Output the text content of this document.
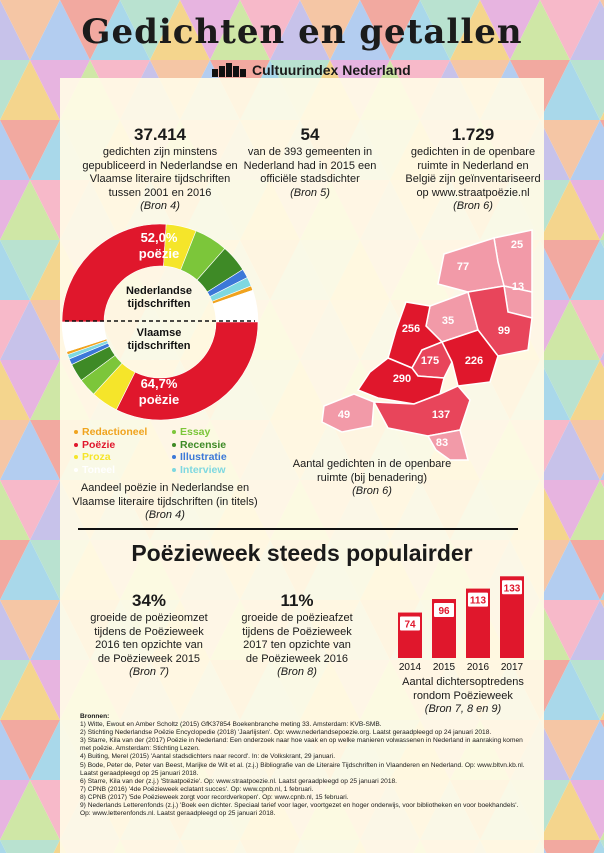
Gedichten en getallen
Cultuurindex Nederland
37.414
gedichten zijn minstens
gepubliceerd in Nederlandse en
Vlaamse literaire tijdschriften
tussen 2001 en 2016
(Bron 4)
54
van de 393 gemeenten in
Nederland had in 2015 een
officiële stadsdichter
(Bron 5)
1.729
gedichten in de openbare
ruimte in Nederland en
België zijn geïnventariseerd
op www.straatpoëzie.nl
(Bron 6)
52,0%
poëzie
Nederlandse
tijdschriften
Vlaamse
tijdschriften
64,7%
poëzie
Redactioneel
Poëzie
Proza
Toneel
Essay
Recensie
Illustratie
Interview
Aandeel poëzie in Nederlandse en
Vlaamse literaire tijdschriften (in titels)
(Bron 4)
25
77
13
35
256	99
175 226
290
49	137
83
Aantal gedichten in de openbare
ruimte (bij benadering)
(Bron 6)
Poëzieweek steeds populairder
34%
groeide de poëzieomzet
tijdens de Poëzieweek
2016 ten opzichte van
de Poëzieweek 2015
(Bron 7)
11%
groeide de poëzieafzet
tijdens de Poëzieweek
2017 ten opzichte van
de Poëzieweek 2016
(Bron 8)
74
2014
96
2015
113
2016
133
2017
Aantal dichtersoptredens
rondom Poëzieweek
(Bron 7, 8 en 9)
Bronnen:
1) Witte, Ewout en Amber Scholtz (2015) GfK37854 Boekenbranche meting 33. Amsterdam: KVB-SMB.
2) Stichting Nederlandse Poëzie Encyclopedie (2018) 'Jaarlijsten'. Op: www.nederlandsepoezie.org. Laatst geraadpleegd op 24 januari 2018.
3) Starre, Kila van der (2017) Poëzie in Nederland: Een onderzoek naar hoe vaak en op welke manieren volwassenen in Nederland in aanraking komen met poëzie. Amsterdam: Stichting Lezen.
4) Buiting, Merel (2015) 'Aantal stadsdichters naar record'. In: de Volkskrant, 29 januari.
5) Bode, Peter de, Peter van Beest, Marijke de Wit et al. (z.j.) Bibliografie van de Literaire Tijdschriften in Vlaanderen en Nederland. Op: www.bltvn.kb.nl. Laatst geraadpleegd op 25 januari 2018.
6) Starre, Kila van der (z.j.) 'Straatpoëzie'. Op: www.straatpoezie.nl. Laatst geraadpleegd op 25 januari 2018.
7) CPNB (2016) '4de Poëzieweek eclatant succes'. Op: www.cpnb.nl, 1 februari.
8) CPNB (2017) '5de Poëzieweek zorgt voor recordverkopen'. Op: www.cpnb.nl, 15 februari.
9) Nederlands Letterenfonds (z.j.) 'Boek een dichter. Speciaal tarief voor lager, voortgezet en hoger onderwijs, voor bibliotheken en voor boekhandels'. Op: www.letterenfonds.nl. Laatst geraadpleegd op 25 januari 2018.
